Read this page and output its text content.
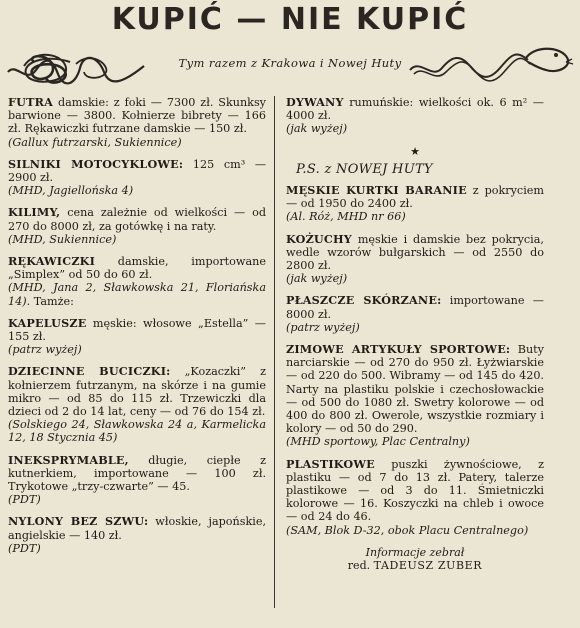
KUPIĆ — NIE KUPIĆ
Tym razem z Krakowa i Nowej Huty

FUTRA damskie: z foki — 7300 zł. Skunksy barwione — 3800. Kołnierze bibrety — 166 zł. Rękawiczki futrzane damskie — 150 zł.

(Gallux futrzarski, Sukiennice)

SILNIKI MOTOCYKLOWE: 125 cm³ — 2900 zł.

(MHD, Jagiellońska 4)

KILIMY, cena zależnie od wielkości — od 270 do 8000 zł, za gotówkę i na raty.

(MHD, Sukiennice)

RĘKAWICZKI damskie, importowane „Simplex” od 50 do 60 zł.

(MHD, Jana 2, Sławkowska 21, Floriańska 14). Tamże:

KAPELUSZE męskie: włosowe „Estella” — 155 zł.

(patrz wyżej)

DZIECINNE BUCICZKI: „Kozaczki” z kołnierzem futrzanym, na skórze i na gumie mikro — od 85 do 115 zł. Trzewiczki dla dzieci od 2 do 14 lat, ceny — od 76 do 154 zł.

(Solskiego 24, Sławkowska 24 a, Karmelicka 12, 18 Stycznia 45)

INEKSPRYMABLE, długie, ciepłe z kutnerkiem, importowane — 100 zł. Trykotowe „trzy-czwarte” — 45.

(PDT)

NYLONY BEZ SZWU: włoskie, japońskie, angielskie — 140 zł.

(PDT)

DYWANY rumuńskie: wielkości ok. 6 m² — 4000 zł.

(jak wyżej)
★
P.S. z NOWEJ HUTY

MĘSKIE KURTKI BARANIE z pokryciem — od 1950 do 2400 zł.

(Al. Róż, MHD nr 66)

KOŻUCHY męskie i damskie bez pokrycia, wedle wzorów bułgarskich — od 2550 do 2800 zł.

(jak wyżej)

PŁASZCZE SKÓRZANE: importowane — 8000 zł.

(patrz wyżej)

ZIMOWE ARTYKUŁY SPORTOWE: Buty narciarskie — od 270 do 950 zł. Łyżwiarskie — od 220 do 500. Wibramy — od 145 do 420. Narty na plastiku polskie i czechosłowackie — od 500 do 1080 zł. Swetry kolorowe — od 400 do 800 zł. Owerole, wszystkie rozmiary i kolory — od 50 do 290.

(MHD sportowy, Plac Centralny)

PLASTIKOWE puszki żywnościowe, z plastiku — od 7 do 13 zł. Patery, talerze plastikowe — od 3 do 11. Śmietniczki kolorowe — 16. Koszyczki na chleb i owoce — od 24 do 46.

(SAM, Blok D-32, obok Placu Centralnego)
Informacje zebrał
red. TADEUSZ ZUBER
